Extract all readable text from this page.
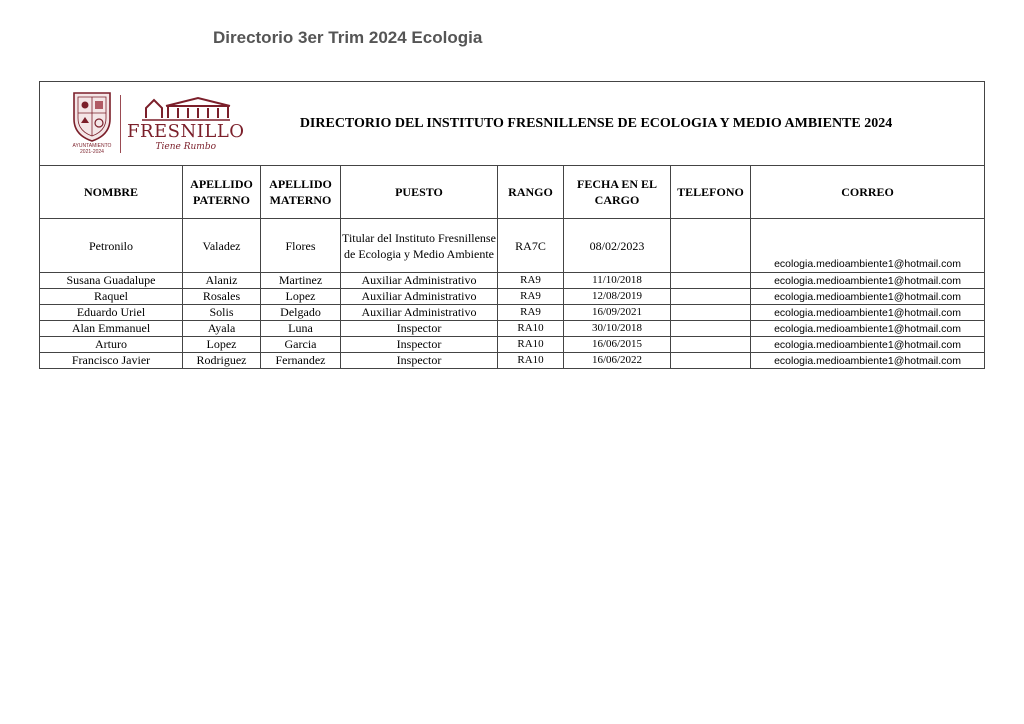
Directorio 3er Trim 2024 Ecologia
AYUNTAMIENTO
2021-2024
FRESNILLO
Tiene Rumbo
DIRECTORIO DEL INSTITUTO FRESNILLENSE DE ECOLOGIA Y MEDIO AMBIENTE 2024							

NOMBRE	APELLIDO PATERNO	APELLIDO MATERNO	PUESTO	RANGO	FECHA EN EL CARGO	TELEFONO	CORREO
Petronilo	Valadez	Flores	Titular del Instituto Fresnillense de Ecologia y Medio Ambiente	RA7C	08/02/2023		ecologia.medioambiente1@hotmail.com
Susana Guadalupe	Alaniz	Martinez	Auxiliar Administrativo	RA9	11/10/2018		ecologia.medioambiente1@hotmail.com
Raquel	Rosales	Lopez	Auxiliar Administrativo	RA9	12/08/2019		ecologia.medioambiente1@hotmail.com
Eduardo Uriel	Solis	Delgado	Auxiliar Administrativo	RA9	16/09/2021		ecologia.medioambiente1@hotmail.com
Alan Emmanuel	Ayala	Luna	Inspector	RA10	30/10/2018		ecologia.medioambiente1@hotmail.com
Arturo	Lopez	Garcia	Inspector	RA10	16/06/2015		ecologia.medioambiente1@hotmail.com
Francisco Javier	Rodriguez	Fernandez	Inspector	RA10	16/06/2022		ecologia.medioambiente1@hotmail.com
